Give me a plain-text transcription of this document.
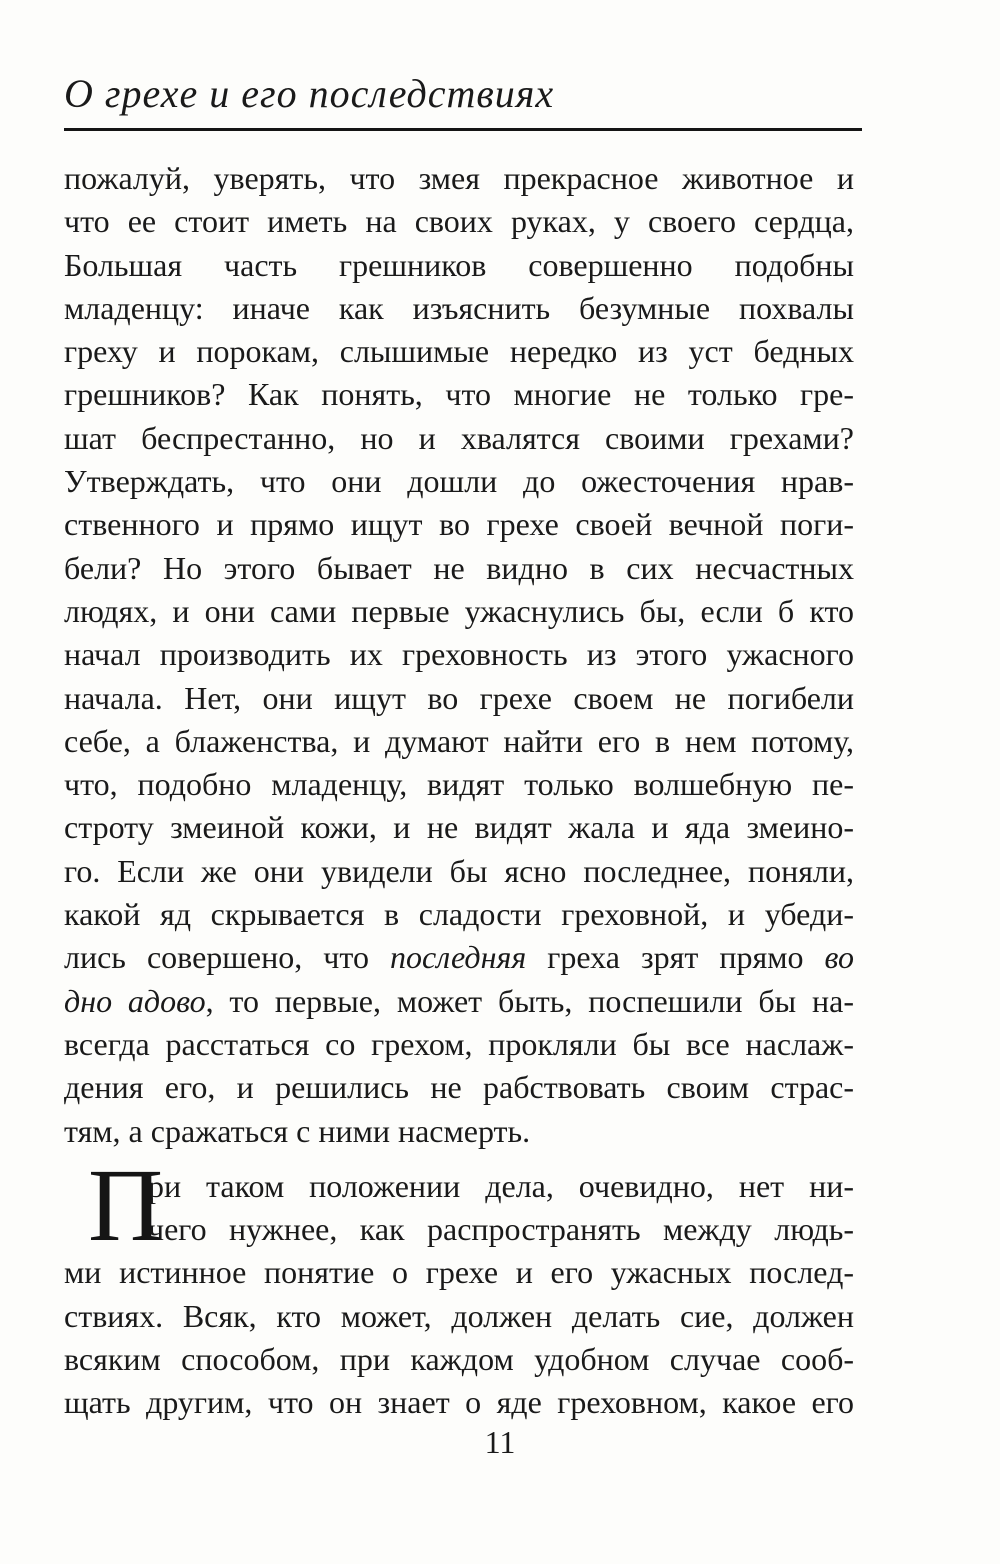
О грехе и его последствиях
пожалуй, уверять, что змея прекрасное животное и
что ее стоит иметь на своих руках, у своего сердца,
Большая часть грешников совершенно подобны
младенцу: иначе как изъяснить безумные похвалы
греху и порокам, слышимые нередко из уст бедных
грешников? Как понять, что многие не только гре-
шат беспрестанно, но и хвалятся своими грехами?
Утверждать, что они дошли до ожесточения нрав-
ственного и прямо ищут во грехе своей вечной поги-
бели? Но этого бывает не видно в сих несчастных
людях, и они сами первые ужаснулись бы, если б кто
начал производить их греховность из этого ужасного
начала. Нет, они ищут во грехе своем не погибели
себе, а блаженства, и думают найти его в нем потому,
что, подобно младенцу, видят только волшебную пе-
строту змеиной кожи, и не видят жала и яда змеино-
го. Если же они увидели бы ясно последнее, поняли,
какой яд скрывается в сладости греховной, и убеди-
лись совершено, что последняя греха зрят прямо во
дно адово, то первые, может быть, поспешили бы на-
всегда расстаться со грехом, прокляли бы все наслаж-
дения его, и решились не рабствовать своим страс-
тям, а сражаться с ними насмерть.
ри таком положении дела, очевидно, нет ни-
чего нужнее, как распространять между людь-
ми истинное понятие о грехе и его ужасных послед-
ствиях. Всяк, кто может, должен делать сие, должен
всяким способом, при каждом удобном случае сооб-
щать другим, что он знает о яде греховном, какое его
П
11
